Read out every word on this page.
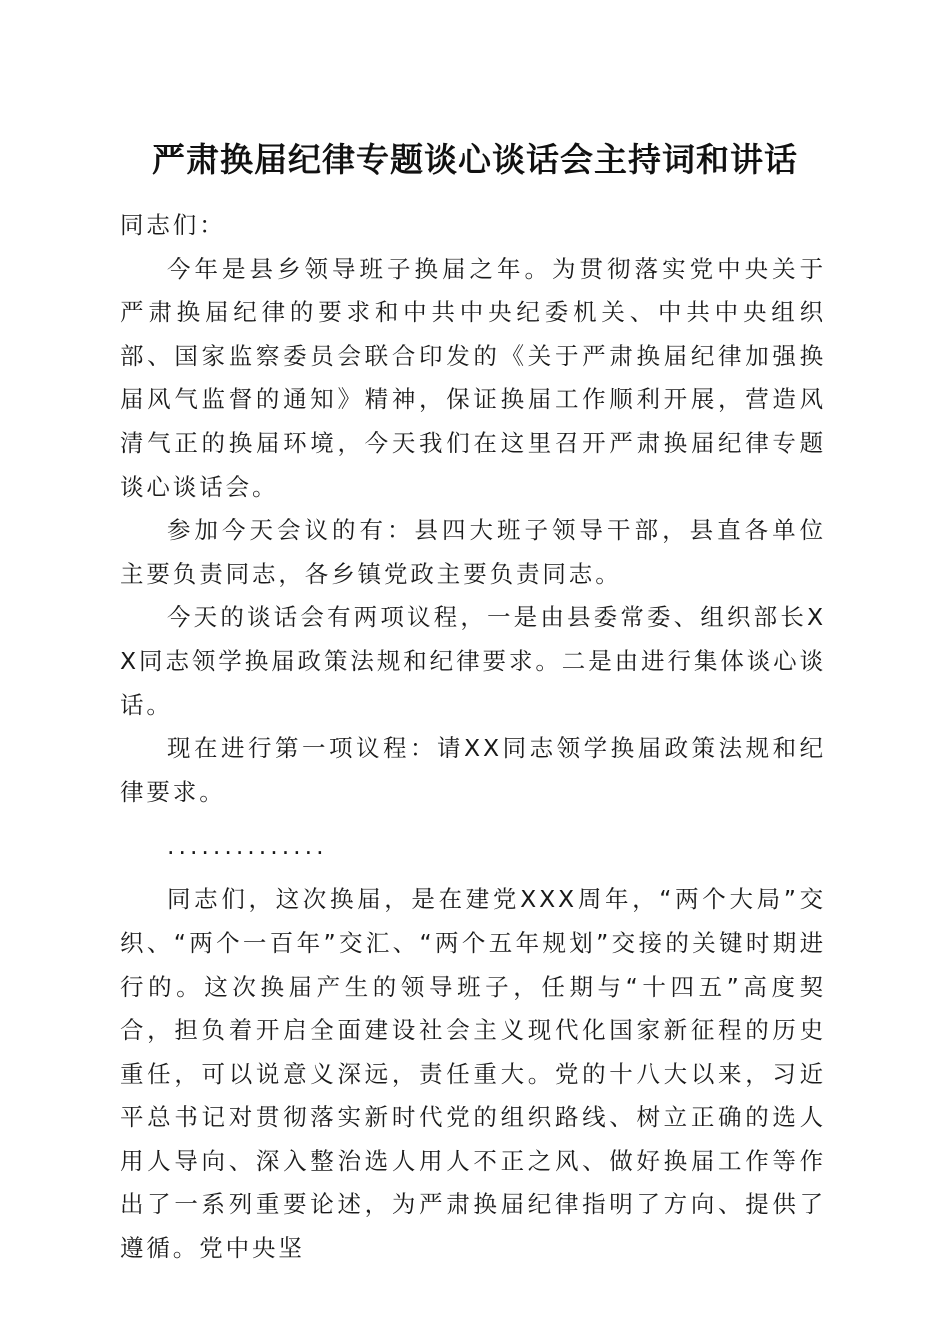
严肃换届纪律专题谈心谈话会主持词和讲话

同志们：

今年是县乡领导班子换届之年。为贯彻落实党中央关于严肃换届纪律的要求和中共中央纪委机关、中共中央组织部、国家监察委员会联合印发的《关于严肃换届纪律加强换届风气监督的通知》精神，保证换届工作顺利开展，营造风清气正的换届环境，今天我们在这里召开严肃换届纪律专题谈心谈话会。

参加今天会议的有：县四大班子领导干部，县直各单位主要负责同志，各乡镇党政主要负责同志。

今天的谈话会有两项议程，一是由县委常委、组织部长XX同志领学换届政策法规和纪律要求。二是由进行集体谈心谈话。

现在进行第一项议程：请XX同志领学换届政策法规和纪律要求。

..............

同志们，这次换届，是在建党XXX周年，“两个大局”交织、“两个一百年”交汇、“两个五年规划”交接的关键时期进行的。这次换届产生的领导班子，任期与“十四五”高度契合，担负着开启全面建设社会主义现代化国家新征程的历史重任，可以说意义深远，责任重大。党的十八大以来，习近平总书记对贯彻落实新时代党的组织路线、树立正确的选人用人导向、深入整治选人用人不正之风、做好换届工作等作出了一系列重要论述，为严肃换届纪律指明了方向、提供了遵循。党中央坚
